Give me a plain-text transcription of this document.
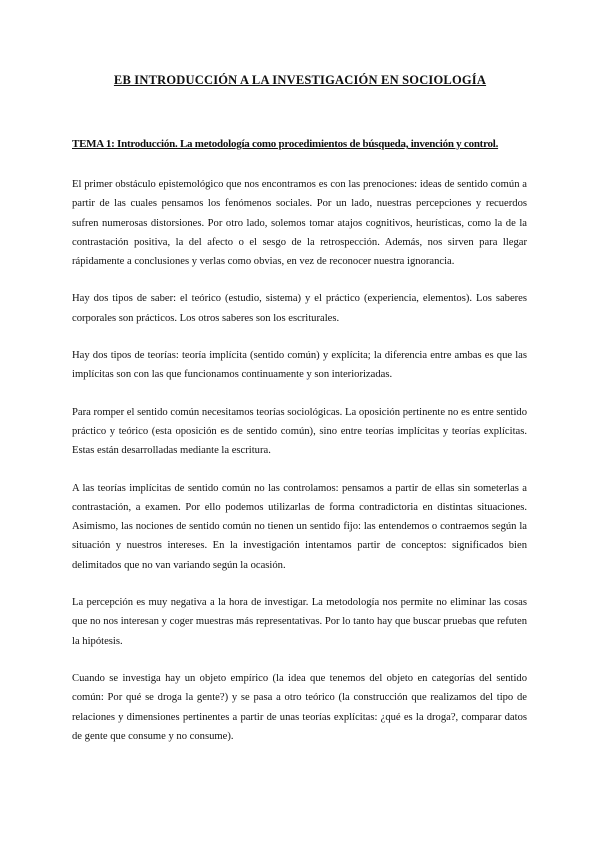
EB INTRODUCCIÓN A LA INVESTIGACIÓN EN SOCIOLOGÍA
TEMA 1: Introducción. La metodología como procedimientos de búsqueda, invención y control.

El primer obstáculo epistemológico que nos encontramos es con las prenociones: ideas de sentido común a partir de las cuales pensamos los fenómenos sociales. Por un lado, nuestras percepciones y recuerdos sufren numerosas distorsiones. Por otro lado, solemos tomar atajos cognitivos, heurísticas, como la de la contrastación positiva, la del afecto o el sesgo de la retrospección. Además, nos sirven para llegar rápidamente a conclusiones y verlas como obvias, en vez de reconocer nuestra ignorancia.

Hay dos tipos de saber: el teórico (estudio, sistema) y el práctico (experiencia, elementos). Los saberes corporales son prácticos. Los otros saberes son los escriturales.

Hay dos tipos de teorías: teoría implícita (sentido común) y explícita; la diferencia entre ambas es que las implícitas son con las que funcionamos continuamente y son interiorizadas.

Para romper el sentido común necesitamos teorías sociológicas. La oposición pertinente no es entre sentido práctico y teórico (esta oposición es de sentido común), sino entre teorías implícitas y teorías explícitas. Estas están desarrolladas mediante la escritura.

A las teorías implícitas de sentido común no las controlamos: pensamos a partir de ellas sin someterlas a contrastación, a examen. Por ello podemos utilizarlas de forma contradictoria en distintas situaciones. Asimismo, las nociones de sentido común no tienen un sentido fijo: las entendemos o contraemos según la situación y nuestros intereses. En la investigación intentamos partir de conceptos: significados bien delimitados que no van variando según la ocasión.

La percepción es muy negativa a la hora de investigar. La metodología nos permite no eliminar las cosas que no nos interesan y coger muestras más representativas. Por lo tanto hay que buscar pruebas que refuten la hipótesis.

Cuando se investiga hay un objeto empírico (la idea que tenemos del objeto en categorías del sentido común: Por qué se droga la gente?) y se pasa a otro teórico (la construcción que realizamos del tipo de relaciones y dimensiones pertinentes a partir de unas teorías explícitas: ¿qué es la droga?, comparar datos de gente que consume y no consume).
